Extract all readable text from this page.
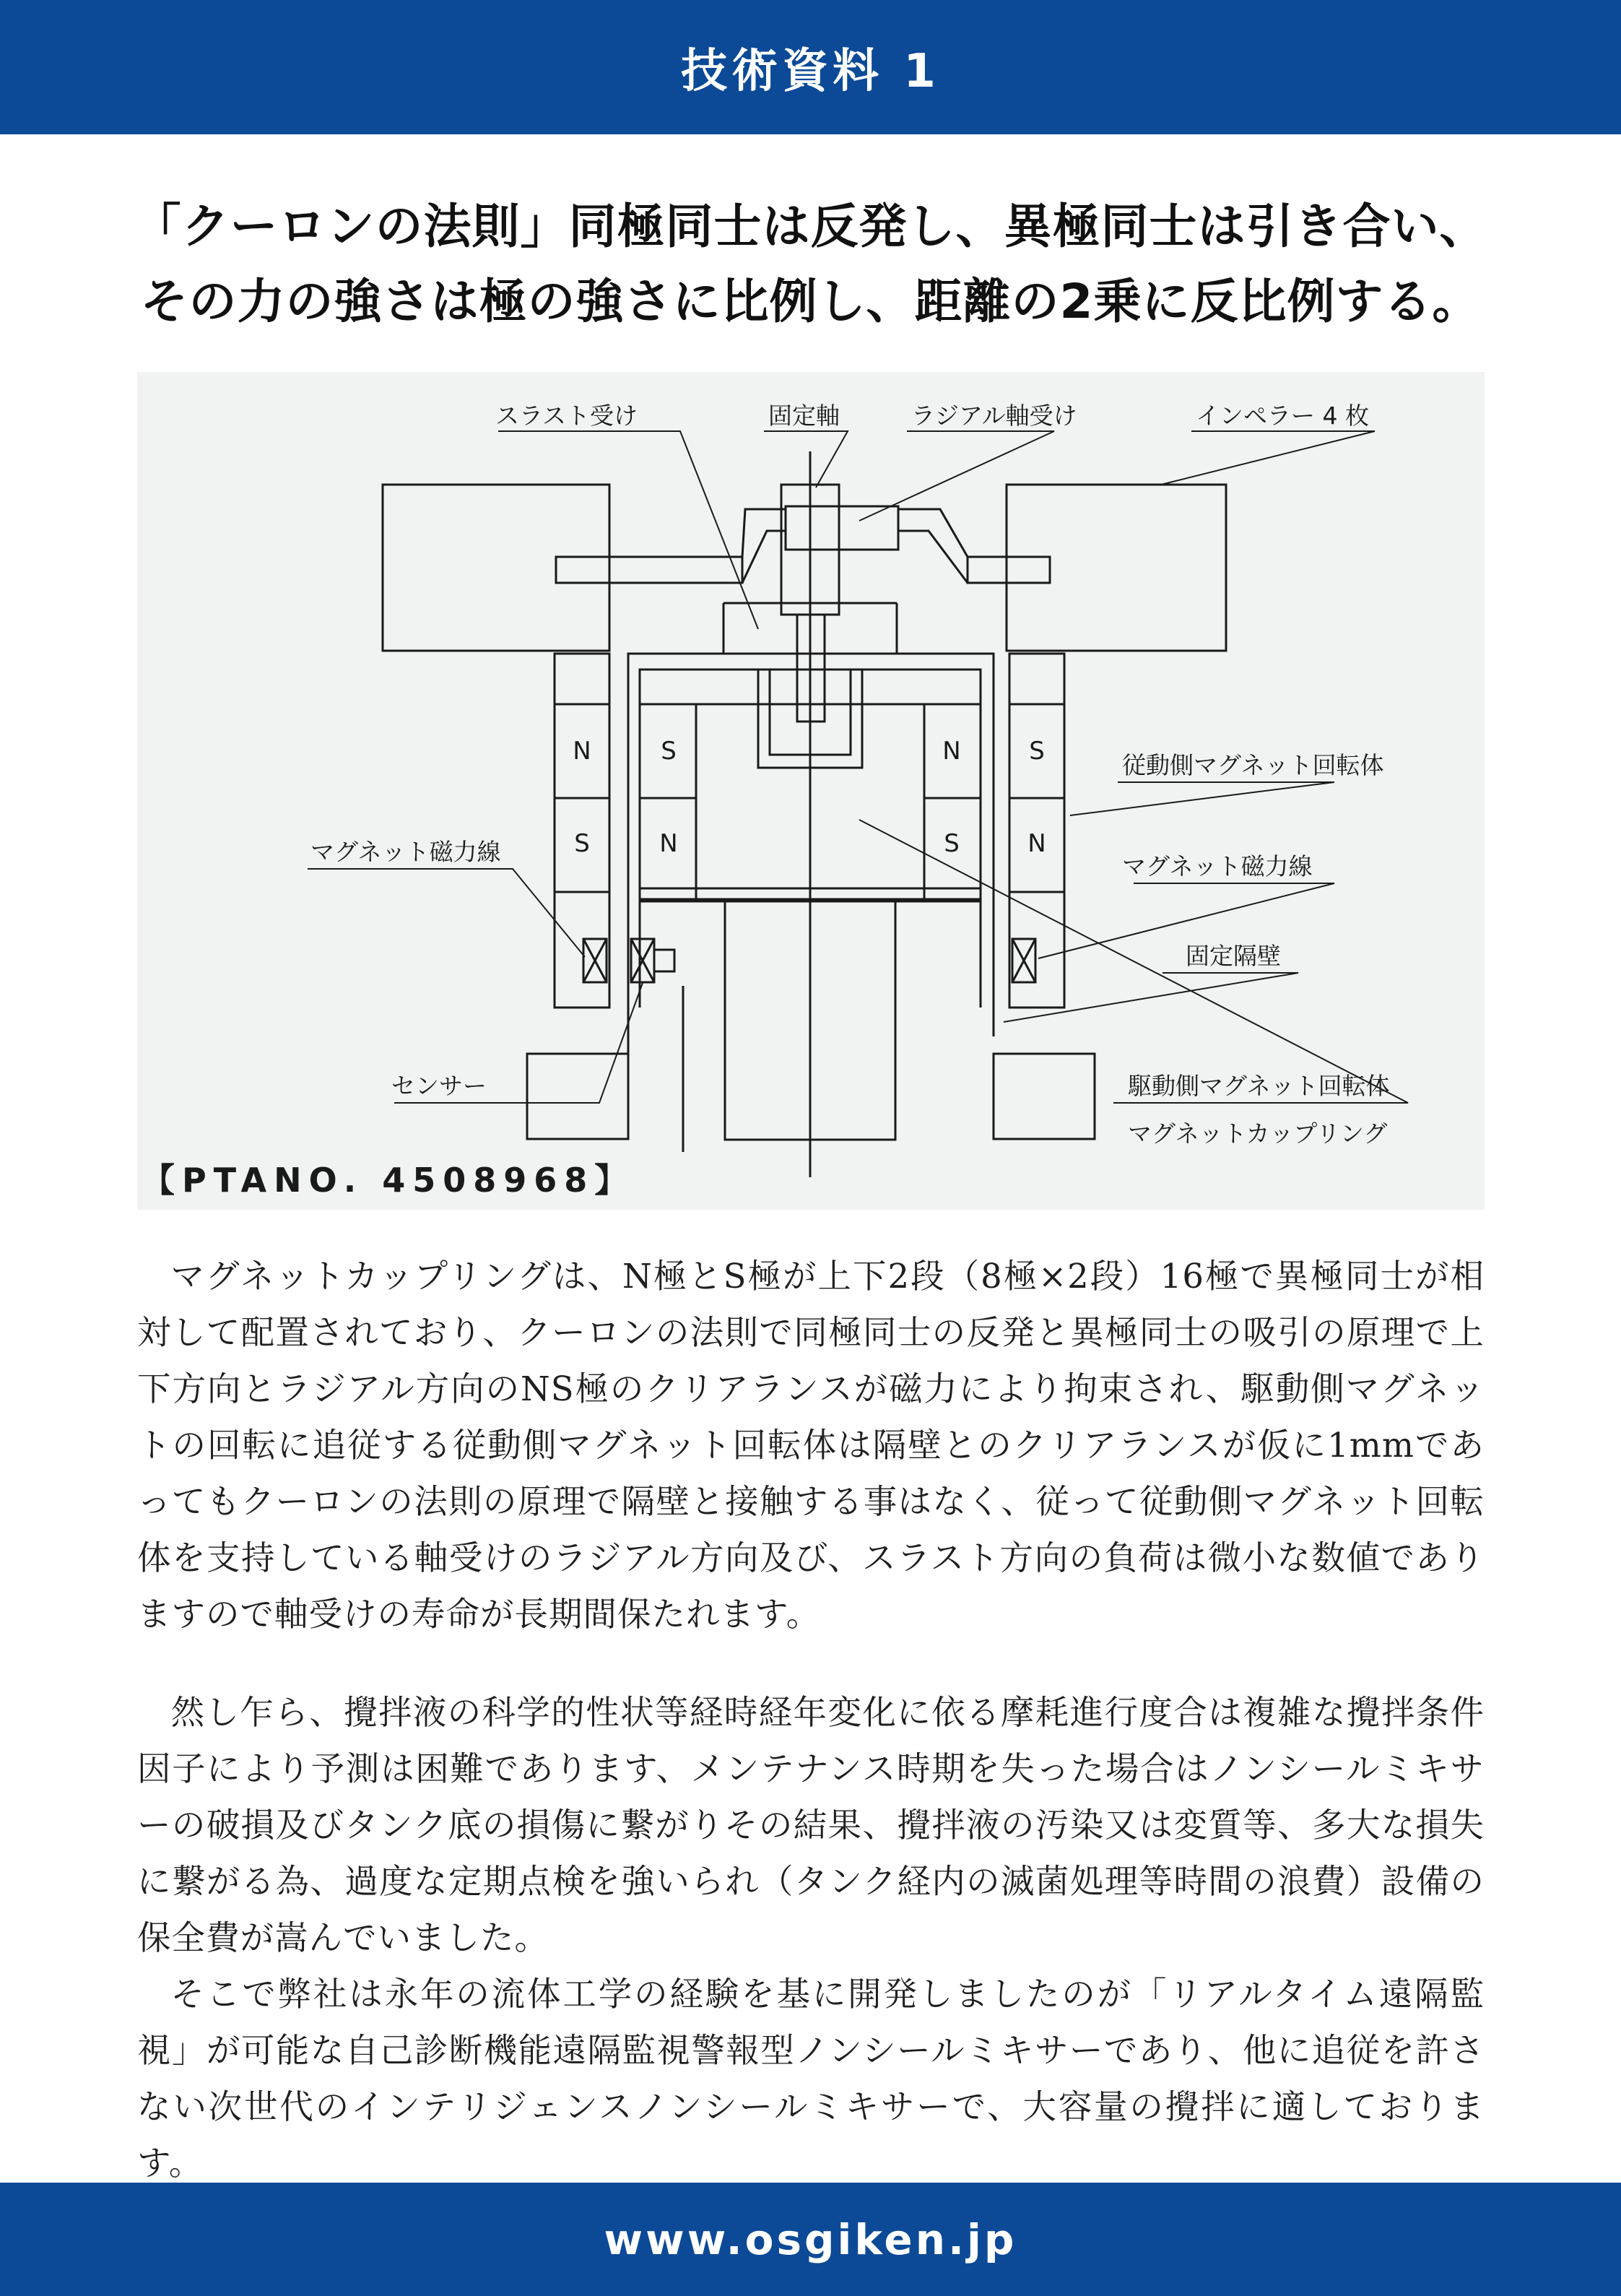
技術資料 1
「クーロンの法則」同極同士は反発し、異極同士は引き合い、
その力の強さは極の強さに比例し、距離の2乗に反比例する。
N
S
S
N
N
S
S
N
スラスト受け	固定軸	ラジアル軸受け	インペラー 4 枚
従動側マグネット回転体
マグネット磁力線
マグネット磁力線
固定隔壁
センサー	駆動側マグネット回転体
マグネットカップリング
【PTANO. 4508968】

マグネットカップリングは、N極とS極が上下2段（8極×2段）16極で異極同士が相対して配置されており、クーロンの法則で同極同士の反発と異極同士の吸引の原理で上下方向とラジアル方向のNS極のクリアランスが磁力により拘束され、駆動側マグネットの回転に追従する従動側マグネット回転体は隔壁とのクリアランスが仮に1mmであってもクーロンの法則の原理で隔壁と接触する事はなく、従って従動側マグネット回転体を支持している軸受けのラジアル方向及び、スラスト方向の負荷は微小な数値でありますので軸受けの寿命が長期間保たれます。

然し乍ら、攪拌液の科学的性状等経時経年変化に依る摩耗進行度合は複雑な攪拌条件因子により予測は困難であります、メンテナンス時期を失った場合はノンシールミキサーの破損及びタンク底の損傷に繋がりその結果、攪拌液の汚染又は変質等、多大な損失に繋がる為、過度な定期点検を強いられ（タンク経内の滅菌処理等時間の浪費）設備の保全費が嵩んでいました。

そこで弊社は永年の流体工学の経験を基に開発しましたのが「リアルタイム遠隔監視」が可能な自己診断機能遠隔監視警報型ノンシールミキサーであり、他に追従を許さない次世代のインテリジェンスノンシールミキサーで、大容量の攪拌に適しております。

www.osgiken.jp
